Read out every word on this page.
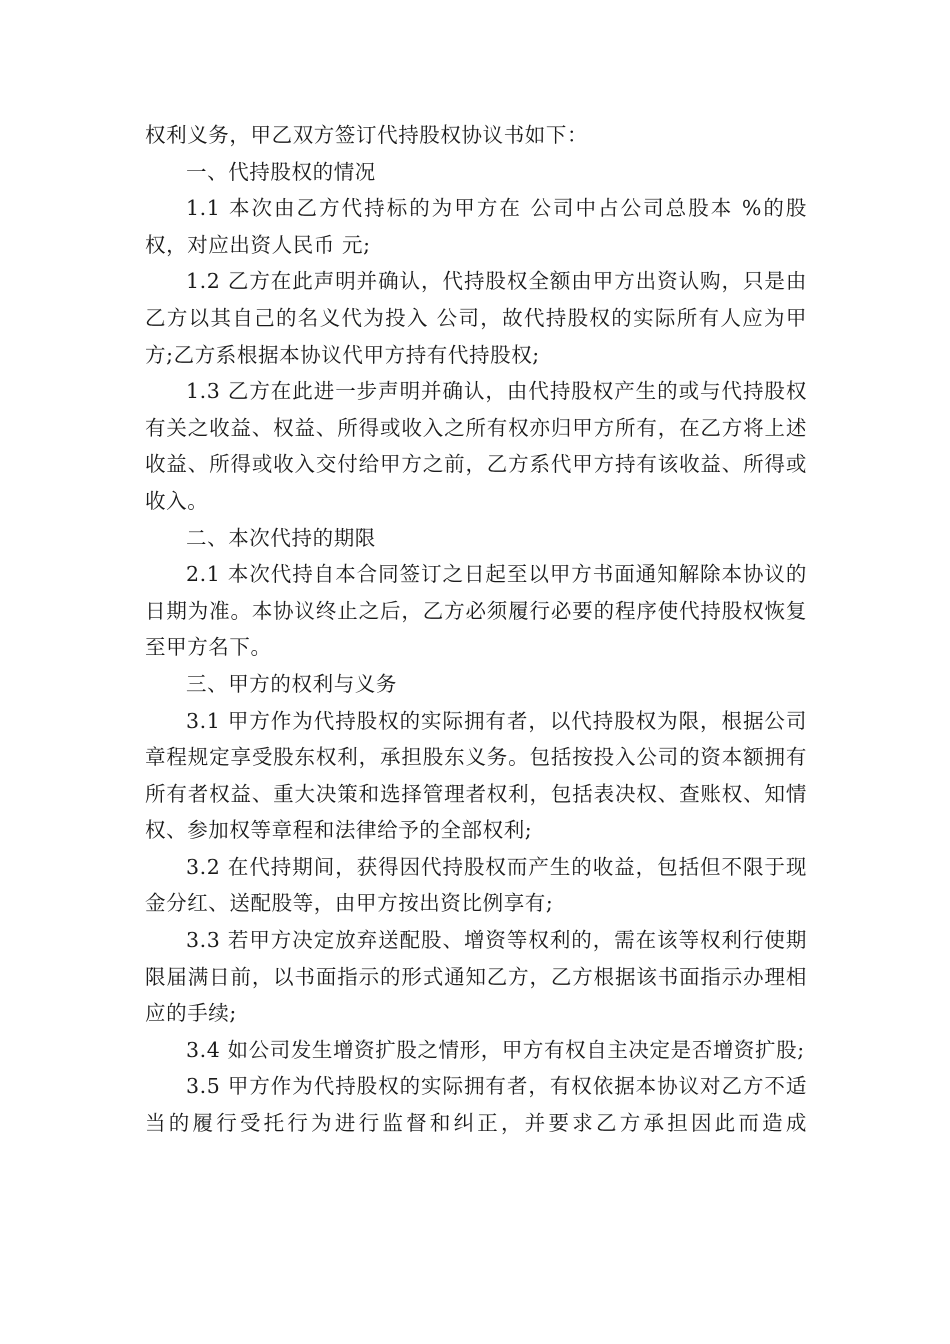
权利义务，甲乙双方签订代持股权协议书如下：

一、代持股权的情况

1.1 本次由乙方代持标的为甲方在 公司中占公司总股本 %的股权，对应出资人民币 元;

1.2 乙方在此声明并确认，代持股权全额由甲方出资认购，只是由乙方以其自己的名义代为投入 公司，故代持股权的实际所有人应为甲方;乙方系根据本协议代甲方持有代持股权;

1.3 乙方在此进一步声明并确认，由代持股权产生的或与代持股权有关之收益、权益、所得或收入之所有权亦归甲方所有，在乙方将上述收益、所得或收入交付给甲方之前，乙方系代甲方持有该收益、所得或收入。

二、本次代持的期限

2.1 本次代持自本合同签订之日起至以甲方书面通知解除本协议的日期为准。本协议终止之后，乙方必须履行必要的程序使代持股权恢复至甲方名下。

三、甲方的权利与义务

3.1 甲方作为代持股权的实际拥有者，以代持股权为限，根据公司章程规定享受股东权利，承担股东义务。包括按投入公司的资本额拥有所有者权益、重大决策和选择管理者权利，包括表决权、查账权、知情权、参加权等章程和法律给予的全部权利;

3.2 在代持期间，获得因代持股权而产生的收益，包括但不限于现金分红、送配股等，由甲方按出资比例享有;

3.3 若甲方决定放弃送配股、增资等权利的，需在该等权利行使期限届满日前，以书面指示的形式通知乙方，乙方根据该书面指示办理相应的手续;

3.4 如公司发生增资扩股之情形，甲方有权自主决定是否增资扩股;

3.5 甲方作为代持股权的实际拥有者，有权依据本协议对乙方不适当的履行受托行为进行监督和纠正，并要求乙方承担因此而造成
